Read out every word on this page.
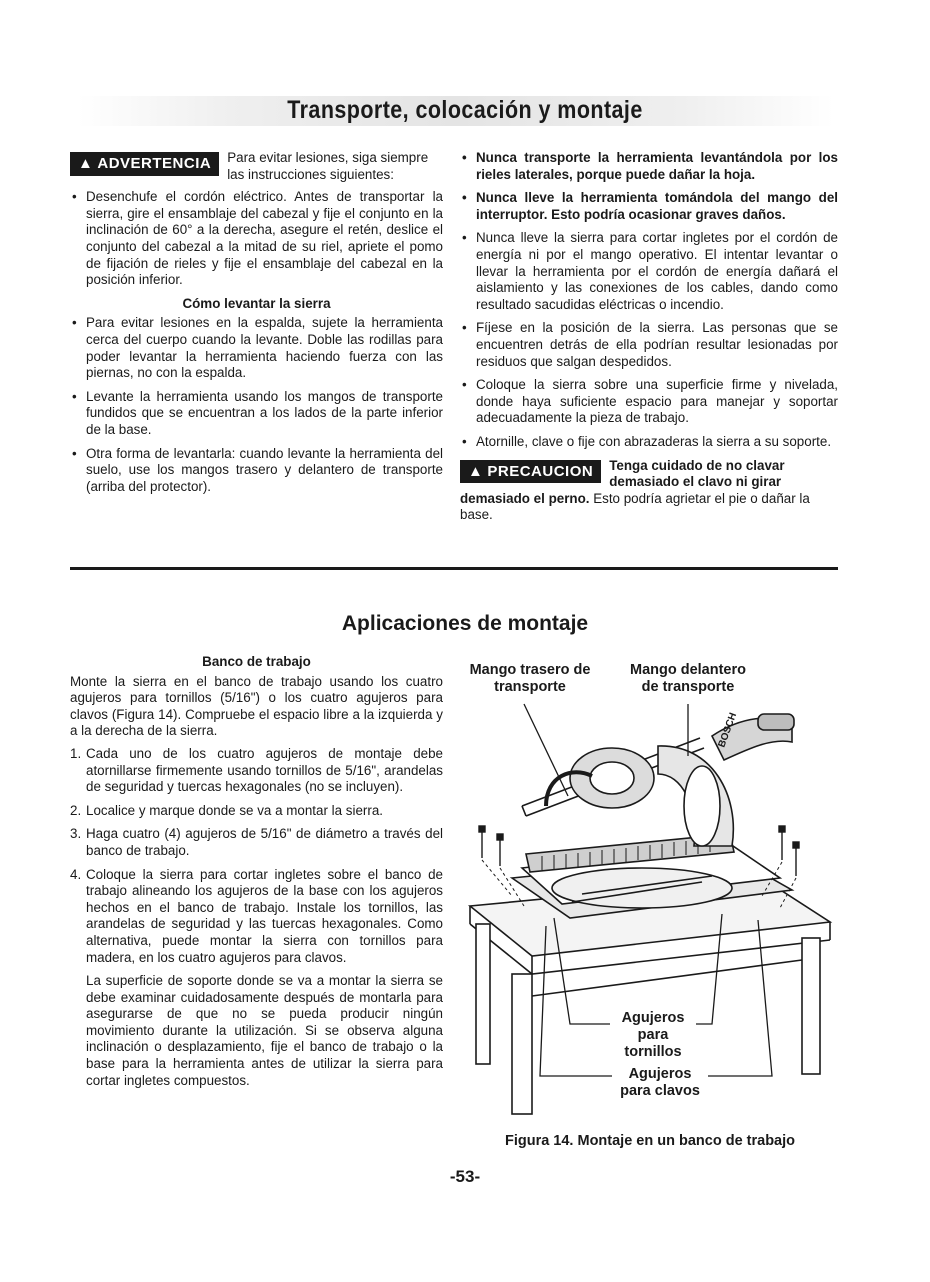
Transporte, colocación y montaje
▲ ADVERTENCIA	Para evitar lesiones, siga siempre las instrucciones siguientes:

• Desenchufe el cordón eléctrico. Antes de transportar la sierra, gire el ensamblaje del cabezal y fije el conjunto en la inclinación de 60° a la derecha, asegure el retén, deslice el conjunto del cabezal a la mitad de su riel, apriete el pomo de fijación de rieles y fije el ensamblaje del cabezal en la posición inferior.
Cómo levantar la sierra
• Para evitar lesiones en la espalda, sujete la herramienta cerca del cuerpo cuando la levante. Doble las rodillas para poder levantar la herramienta haciendo fuerza con las piernas, no con la espalda.
• Levante la herramienta usando los mangos de transporte fundidos que se encuentran a los lados de la parte inferior de la base.
• Otra forma de levantarla: cuando levante la herramienta del suelo, use los mangos trasero y delantero de transporte (arriba del protector).
• Nunca transporte la herramienta levantándola por los rieles laterales, porque puede dañar la hoja.
• Nunca lleve la herramienta tomándola del mango del interruptor. Esto podría ocasionar graves daños.
• Nunca lleve la sierra para cortar ingletes por el cordón de energía ni por el mango operativo. El intentar levantar o llevar la herramienta por el cordón de energía dañará el aislamiento y las conexiones de los cables, dando como resultado sacudidas eléctricas o incendio.
• Fíjese en la posición de la sierra. Las personas que se encuentren detrás de ella podrían resultar lesionadas por residuos que salgan despedidos.
• Coloque la sierra sobre una superficie firme y nivelada, donde haya suficiente espacio para manejar y soportar adecuadamente la pieza de trabajo.
• Atornille, clave o fije con abrazaderas la sierra a su soporte.
▲ PRECAUCION	Tenga cuidado de no clavar demasiado el clavo ni girar demasiado el perno. Esto podría agrietar el pie o dañar la base.
Aplicaciones de montaje
Banco de trabajo

Monte la sierra en el banco de trabajo usando los cuatro agujeros para tornillos (5/16") o los cuatro agujeros para clavos (Figura 14). Compruebe el espacio libre a la izquierda y a la derecha de la sierra.

1. Cada uno de los cuatro agujeros de montaje debe atornillarse firmemente usando tornillos de 5/16", arandelas de seguridad y tuercas hexagonales (no se incluyen).
2. Localice y marque donde se va a montar la sierra.
3. Haga cuatro (4) agujeros de 5/16" de diámetro a través del banco de trabajo.
4. Coloque la sierra para cortar ingletes sobre el banco de trabajo alineando los agujeros de la base con los agujeros hechos en el banco de trabajo. Instale los tornillos, las arandelas de seguridad y las tuercas hexagonales. Como alternativa, puede montar la sierra con tornillos para madera, en los cuatro agujeros para clavos.

La superficie de soporte donde se va a montar la sierra se debe examinar cuidadosamente después de montarla para asegurarse de que no se pueda producir ningún movimiento durante la utilización. Si se observa alguna inclinación o desplazamiento, fije el banco de trabajo o la base para la herramienta antes de utilizar la sierra para cortar ingletes compuestos.

BOSCH
Mango trasero de transporte
Mango delantero de transporte
Agujeros para tornillos
Agujeros para clavos
Figura 14. Montaje en un banco de trabajo
-53-
